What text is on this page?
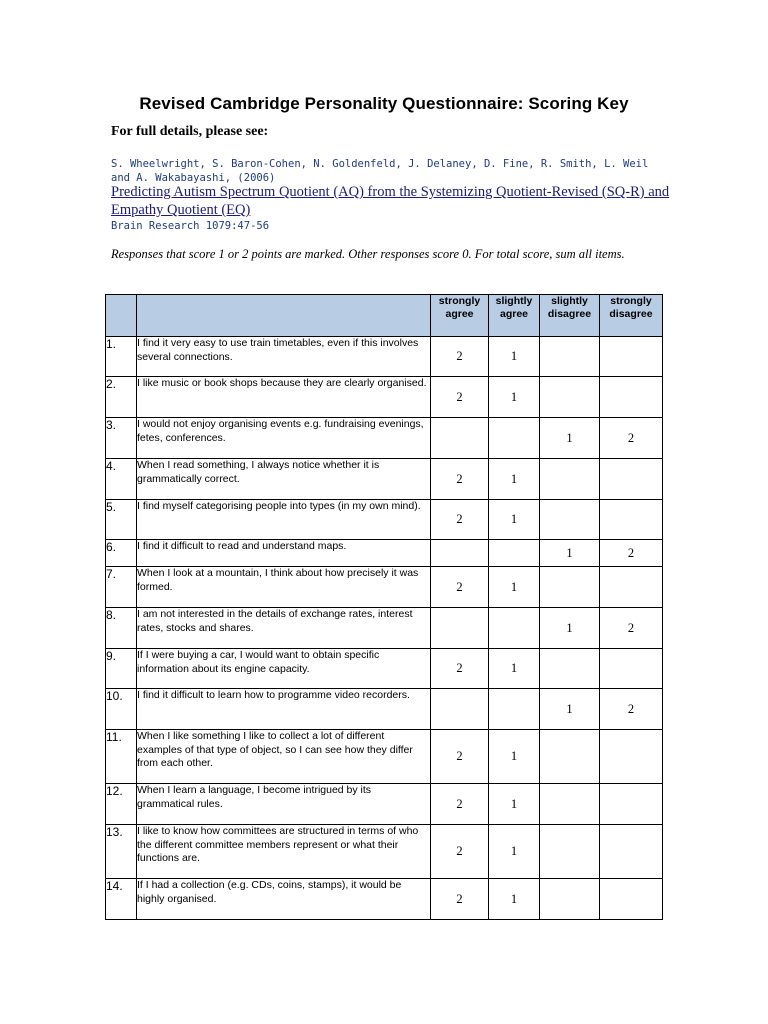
Revised Cambridge Personality Questionnaire: Scoring Key
For full details, please see:
S. Wheelwright, S. Baron-Cohen, N. Goldenfeld, J. Delaney, D. Fine, R. Smith, L. Weil and A. Wakabayashi, (2006)
Predicting Autism Spectrum Quotient (AQ) from the Systemizing Quotient-Revised (SQ-R) and Empathy Quotient (EQ)
Brain Research 1079:47-56
Responses that score 1 or 2 points are marked. Other responses score 0. For total score, sum all items.
		strongly agree	slightly agree	slightly disagree	strongly disagree
1.	I find it very easy to use train timetables, even if this involves several connections.	2	1		
2.	I like music or book shops because they are clearly organised.	2	1		
3.	I would not enjoy organising events e.g. fundraising evenings, fetes, conferences.			1	2
4.	When I read something, I always notice whether it is grammatically correct.	2	1		
5.	I find myself categorising people into types (in my own mind).	2	1		
6.	I find it difficult to read and understand maps.			1	2
7.	When I look at a mountain, I think about how precisely it was formed.	2	1		
8.	I am not interested in the details of exchange rates, interest rates, stocks and shares.			1	2
9.	If I were buying a car, I would want to obtain specific information about its engine capacity.	2	1		
10.	I find it difficult to learn how to programme video recorders.			1	2
11.	When I like something I like to collect a lot of different examples of that type of object, so I can see how they differ from each other.	2	1		
12.	When I learn a language, I become intrigued by its grammatical rules.	2	1		
13.	I like to know how committees are structured in terms of who the different committee members represent or what their functions are.	2	1		
14.	If I had a collection (e.g. CDs, coins, stamps), it would be highly organised.	2	1		
